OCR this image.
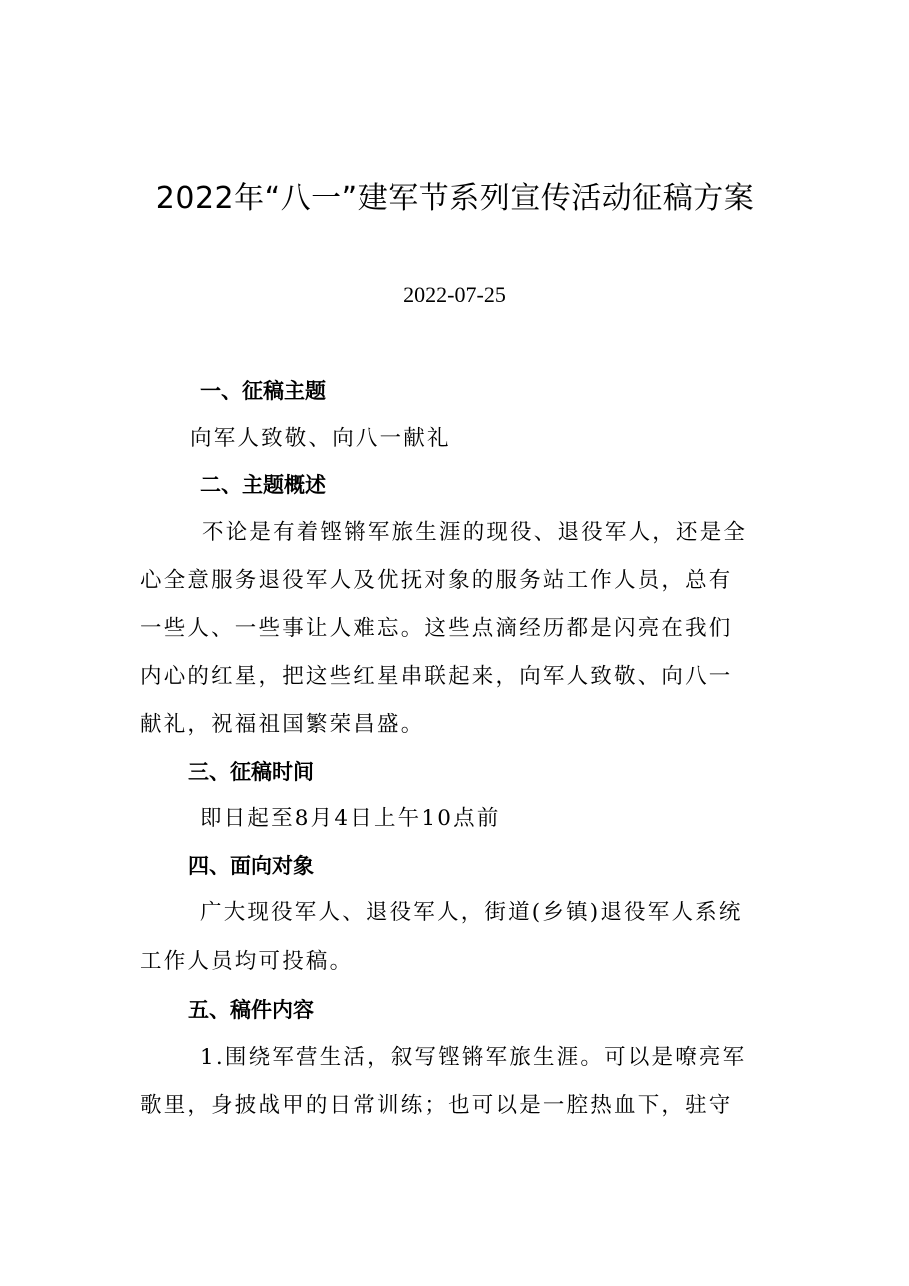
2022年“八一”建军节系列宣传活动征稿方案
2022-07-25
一、征稿主题
向军人致敬、向八一献礼
二、主题概述
不论是有着铿锵军旅生涯的现役、退役军人，还是全
心全意服务退役军人及优抚对象的服务站工作人员，总有
一些人、一些事让人难忘。这些点滴经历都是闪亮在我们
内心的红星，把这些红星串联起来，向军人致敬、向八一
献礼，祝福祖国繁荣昌盛。
三、征稿时间
即日起至8月4日上午10点前
四、面向对象
广大现役军人、退役军人，街道(乡镇)退役军人系统
工作人员均可投稿。
五、稿件内容
1.围绕军营生活，叙写铿锵军旅生涯。可以是嘹亮军
歌里，身披战甲的日常训练；也可以是一腔热血下，驻守
